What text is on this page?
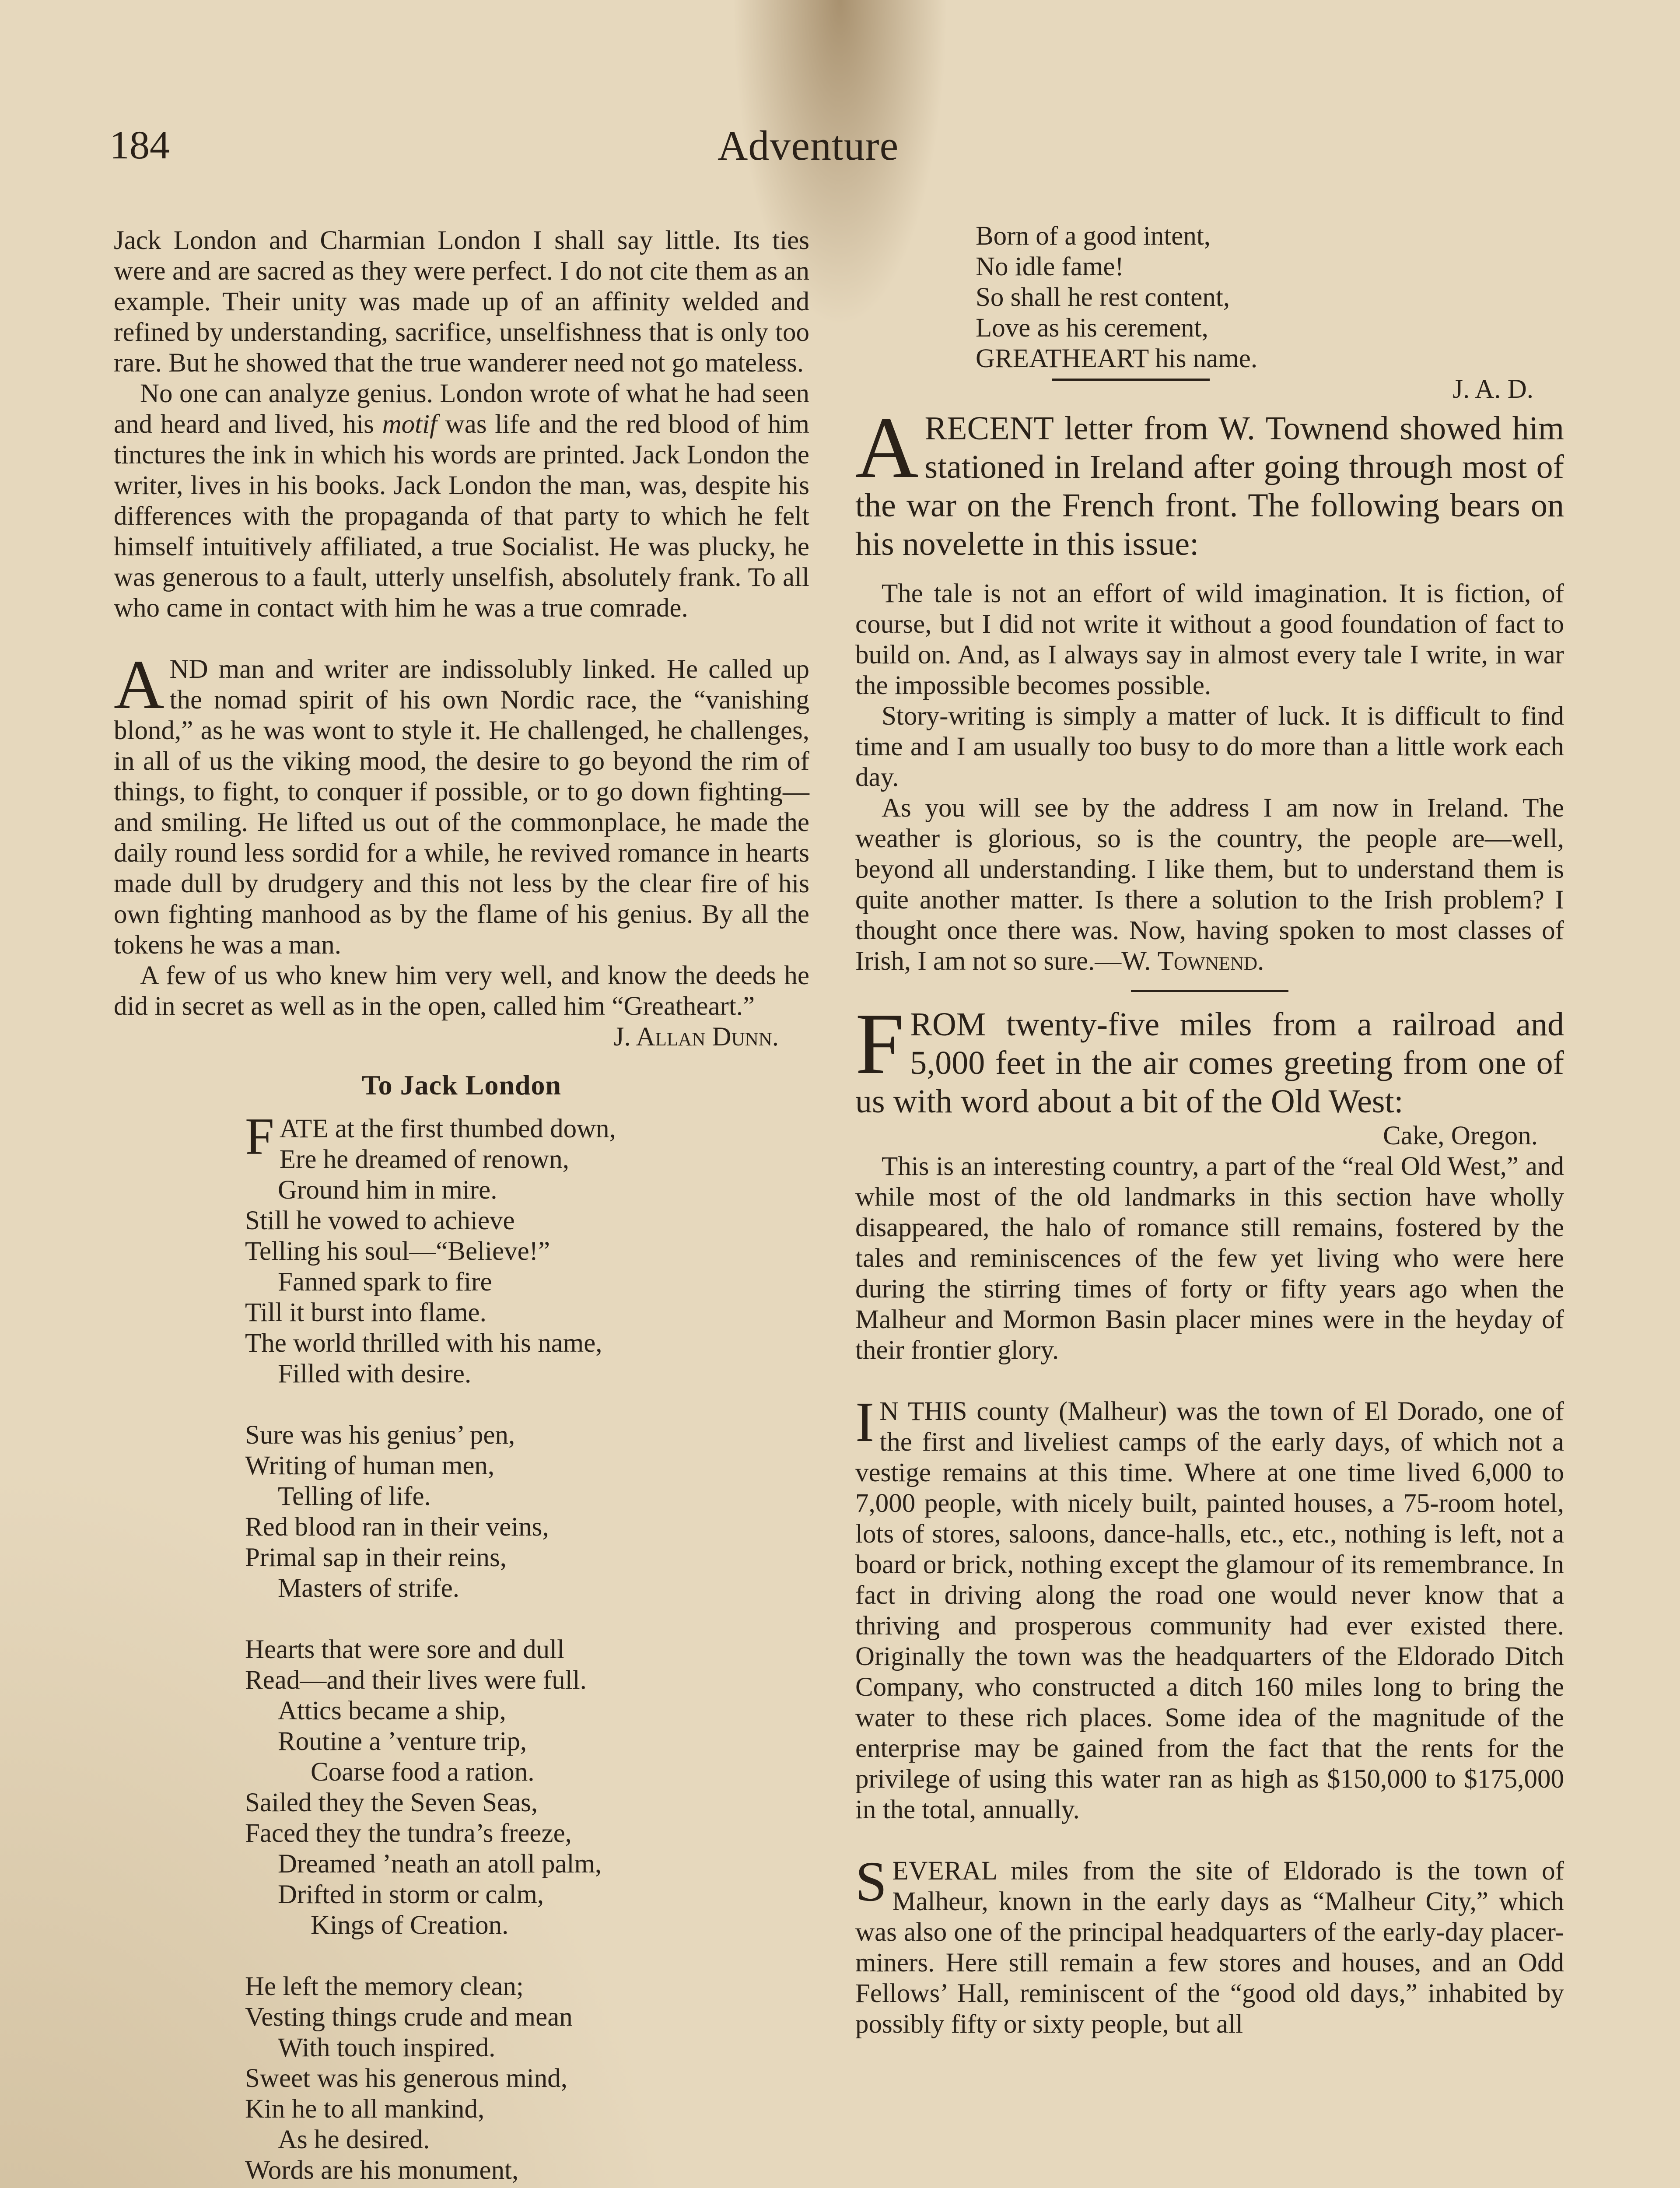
184	Adventure

Jack London and Charmian London I shall say little. Its ties were and are sacred as they were perfect. I do not cite them as an example. Their unity was made up of an affinity welded and refined by understanding, sacrifice, unselfishness that is only too rare. But he showed that the true wanderer need not go mateless.

No one can analyze genius. London wrote of what he had seen and heard and lived, his motif was life and the red blood of him tinctures the ink in which his words are printed. Jack London the writer, lives in his books. Jack London the man, was, despite his differences with the propaganda of that party to which he felt himself intuitively affiliated, a true Socialist. He was plucky, he was generous to a fault, utterly unselfish, absolutely frank. To all who came in contact with him he was a true comrade.

AND man and writer are indissolubly linked. He called up the nomad spirit of his own Nordic race, the “vanishing blond,” as he was wont to style it. He challenged, he challenges, in all of us the viking mood, the desire to go beyond the rim of things, to fight, to conquer if possible, or to go down fighting—and smiling. He lifted us out of the commonplace, he made the daily round less sordid for a while, he revived romance in hearts made dull by drudgery and this not less by the clear fire of his own fighting manhood as by the flame of his genius. By all the tokens he was a man.

A few of us who knew him very well, and know the deeds he did in secret as well as in the open, called him “Greatheart.”

J. Allan Dunn.

To Jack London
FATE at the first thumbed down,
Ere he dreamed of renown,
Ground him in mire.
Still he vowed to achieve
Telling his soul—“Believe!”
Fanned spark to fire
Till it burst into flame.
The world thrilled with his name,
Filled with desire.
Sure was his genius’ pen,
Writing of human men,
Telling of life.
Red blood ran in their veins,
Primal sap in their reins,
Masters of strife.
Hearts that were sore and dull
Read—and their lives were full.
Attics became a ship,
Routine a ’venture trip,
Coarse food a ration.
Sailed they the Seven Seas,
Faced they the tundra’s freeze,
Dreamed ’neath an atoll palm,
Drifted in storm or calm,
Kings of Creation.
He left the memory clean;
Vesting things crude and mean
With touch inspired.
Sweet was his generous mind,
Kin he to all mankind,
As he desired.
Words are his monument,
Born of a good intent,
No idle fame!
So shall he rest content,
Love as his cerement,
GREATHEART his name.

J. A. D.

A RECENT letter from W. Townend showed him stationed in Ireland after going through most of the war on the French front. The following bears on his novelette in this issue:

The tale is not an effort of wild imagination. It is fiction, of course, but I did not write it without a good foundation of fact to build on. And, as I always say in almost every tale I write, in war the impossible becomes possible.

Story-writing is simply a matter of luck. It is difficult to find time and I am usually too busy to do more than a little work each day.

As you will see by the address I am now in Ireland. The weather is glorious, so is the country, the people are—well, beyond all understanding. I like them, but to understand them is quite another matter. Is there a solution to the Irish problem? I thought once there was. Now, having spoken to most classes of Irish, I am not so sure.—W. Townend.

FROM twenty-five miles from a railroad and 5,000 feet in the air comes greeting from one of us with word about a bit of the Old West:

Cake, Oregon.

This is an interesting country, a part of the “real Old West,” and while most of the old landmarks in this section have wholly disappeared, the halo of romance still remains, fostered by the tales and reminiscences of the few yet living who were here during the stirring times of forty or fifty years ago when the Malheur and Mormon Basin placer mines were in the heyday of their frontier glory.

I N THIS county (Malheur) was the town of El Dorado, one of the first and liveliest camps of the early days, of which not a vestige remains at this time. Where at one time lived 6,000 to 7,000 people, with nicely built, painted houses, a 75-room hotel, lots of stores, saloons, dance-halls, etc., etc., nothing is left, not a board or brick, nothing except the glamour of its remembrance. In fact in driving along the road one would never know that a thriving and prosperous community had ever existed there. Originally the town was the headquarters of the Eldorado Ditch Company, who constructed a ditch 160 miles long to bring the water to these rich places. Some idea of the magnitude of the enterprise may be gained from the fact that the rents for the privilege of using this water ran as high as $150,000 to $175,000 in the total, annually.

SEVERAL miles from the site of Eldorado is the town of Malheur, known in the early days as “Malheur City,” which was also one of the principal headquarters of the early-day placer-miners. Here still remain a few stores and houses, and an Odd Fellows’ Hall, reminiscent of the “good old days,” inhabited by possibly fifty or sixty people, but all
